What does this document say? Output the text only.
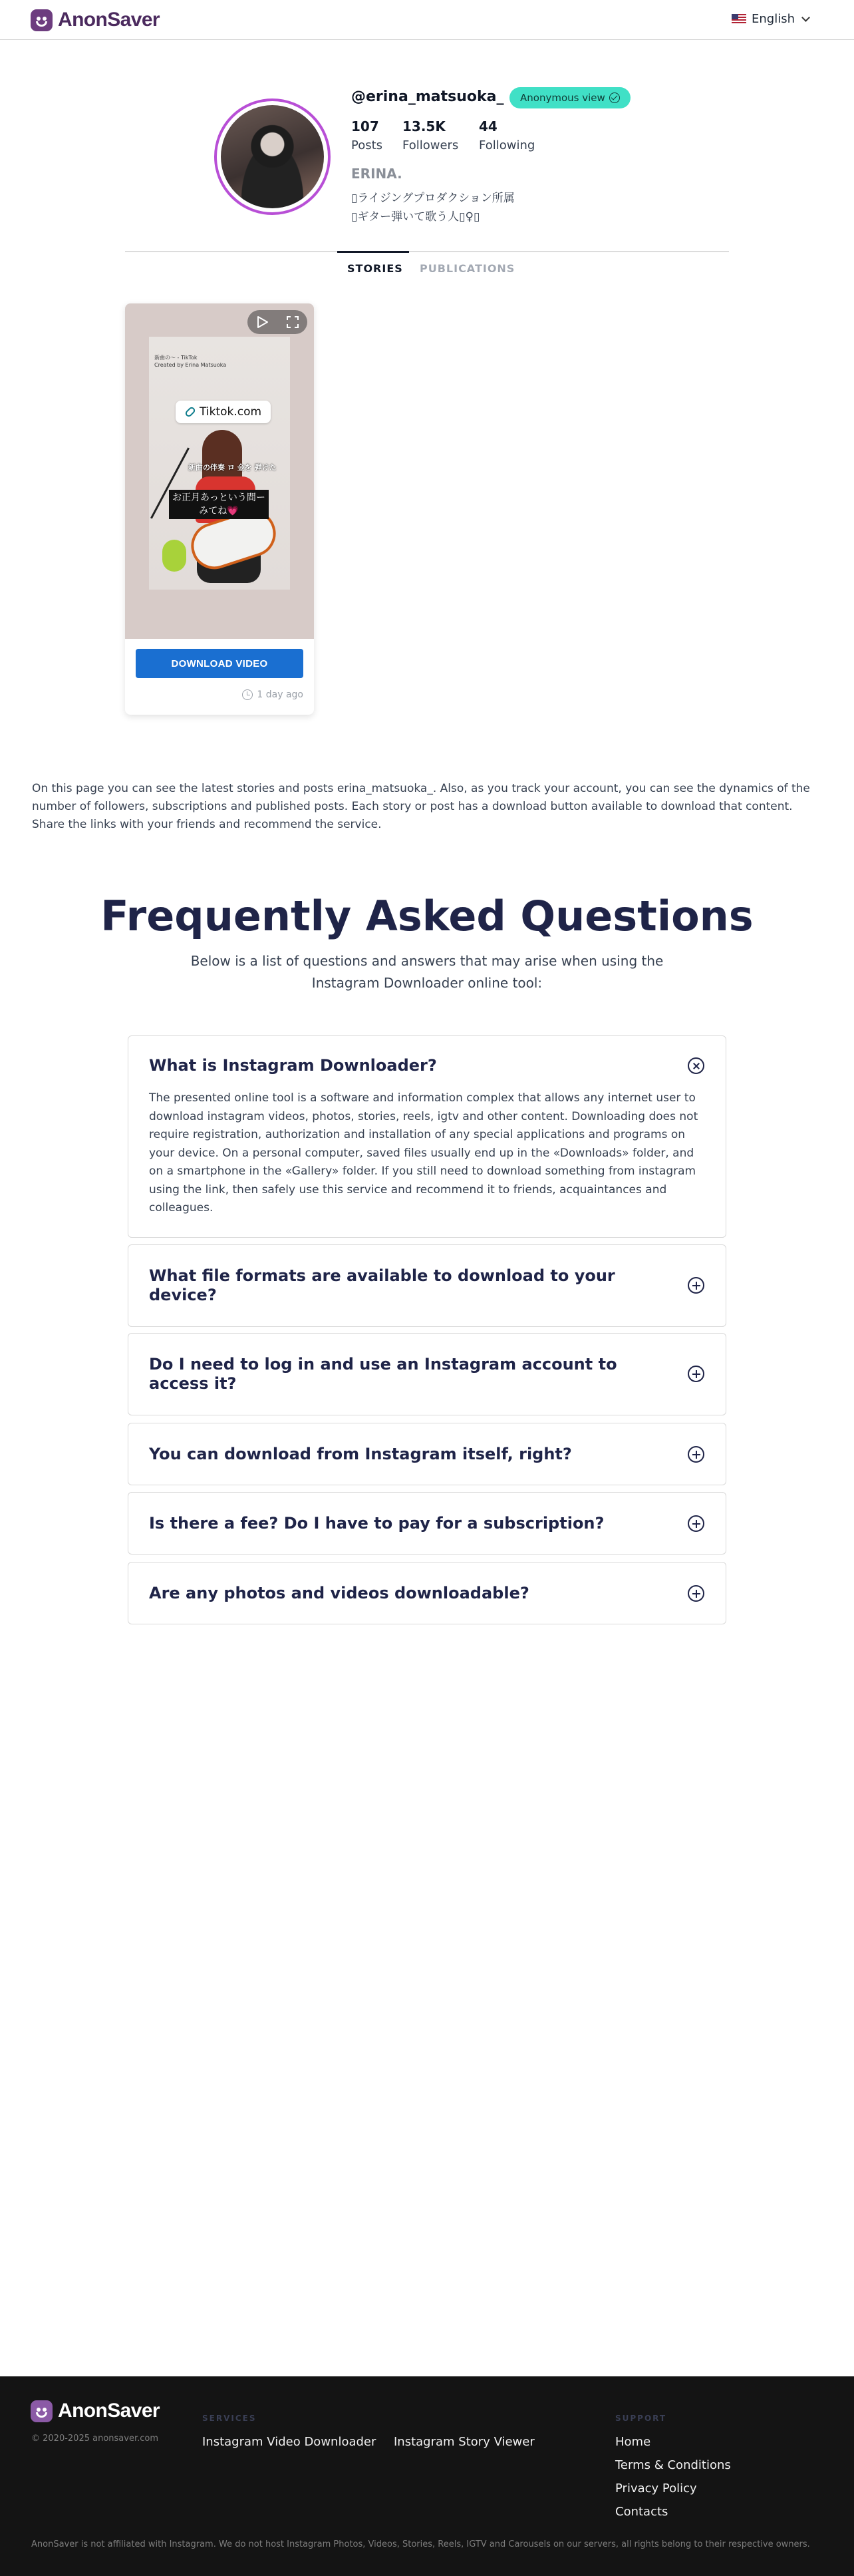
AnonSaver	English
@erina_matsuoka_ Anonymous view
107
Posts
13.5K
Followers
44
Following
ERINA.
▯ライジングプロダクション所属
▯ギター弾いて歌う人▯♀▯
STORIES PUBLICATIONS
新曲の〜 - TikTok
Created by Erina Matsuoka
Tiktok.com
新曲の伴奏 ロ 金を 弾けた
お正月あっという間ー
みてね💗
DOWNLOAD VIDEO
1 day ago

On this page you can see the latest stories and posts erina_matsuoka_. Also, as you track your account, you can see the dynamics of the number of followers, subscriptions and published posts. Each story or post has a download button available to download that content. Share the links with your friends and recommend the service.

Frequently Asked Questions

Below is a list of questions and answers that may arise when using the Instagram Downloader online tool:

What is Instagram Downloader?
The presented online tool is a software and information complex that allows any internet user to download instagram videos, photos, stories, reels, igtv and other content. Downloading does not require registration, authorization and installation of any special applications and programs on your device. On a personal computer, saved files usually end up in the «Downloads» folder, and on a smartphone in the «Gallery» folder. If you still need to download something from instagram using the link, then safely use this service and recommend it to friends, acquaintances and colleagues.
What file formats are available to download to your device?
Do I need to log in and use an Instagram account to access it?
You can download from Instagram itself, right?
Is there a fee? Do I have to pay for a subscription?
Are any photos and videos downloadable?
AnonSaver
© 2020-2025 anonsaver.com
SERVICES
Instagram Video Downloader Instagram Story Viewer
SUPPORT
Home
Terms & Conditions
Privacy Policy
Contacts
AnonSaver is not affiliated with Instagram. We do not host Instagram Photos, Videos, Stories, Reels, IGTV and Carousels on our servers, all rights belong to their respective owners.
